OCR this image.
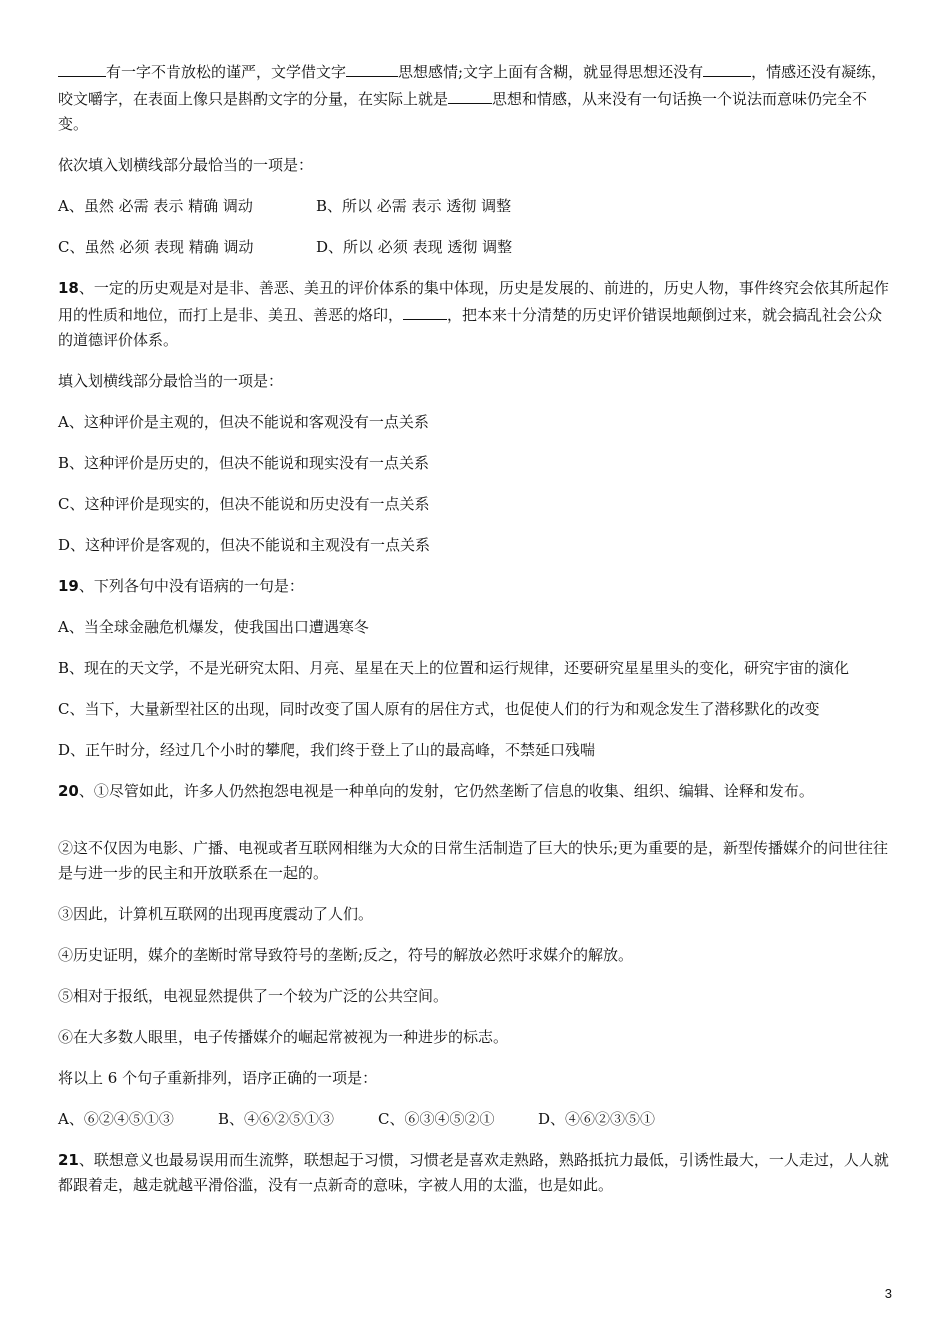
有一字不肯放松的谨严，文学借文字	思想感情;文字上面有含糊，就显得思想还没有	，情感还没有凝练，咬文嚼字，在表面上像只是斟酌文字的分量，在实际上就是	思想和情感，从来没有一句话换一个说法而意味仍完全不变。

依次填入划横线部分最恰当的一项是：

A、虽然 必需 表示 精确 调动	B、所以 必需 表示 透彻 调整

C、虽然 必须 表现 精确 调动	D、所以 必须 表现 透彻 调整

18、一定的历史观是对是非、善恶、美丑的评价体系的集中体现，历史是发展的、前进的，历史人物，事件终究会依其所起作用的性质和地位，而打上是非、美丑、善恶的烙印，	，把本来十分清楚的历史评价错误地颠倒过来，就会搞乱社会公众的道德评价体系。

填入划横线部分最恰当的一项是：

A、这种评价是主观的，但决不能说和客观没有一点关系

B、这种评价是历史的，但决不能说和现实没有一点关系

C、这种评价是现实的，但决不能说和历史没有一点关系

D、这种评价是客观的，但决不能说和主观没有一点关系

19、下列各句中没有语病的一句是：

A、当全球金融危机爆发，使我国出口遭遇寒冬

B、现在的天文学，不是光研究太阳、月亮、星星在天上的位置和运行规律，还要研究星星里头的变化，研究宇宙的演化

C、当下，大量新型社区的出现，同时改变了国人原有的居住方式，也促使人们的行为和观念发生了潜移默化的改变

D、正午时分，经过几个小时的攀爬，我们终于登上了山的最高峰，不禁延口残喘

20、①尽管如此，许多人仍然抱怨电视是一种单向的发射，它仍然垄断了信息的收集、组织、编辑、诠释和发布。

②这不仅因为电影、广播、电视或者互联网相继为大众的日常生活制造了巨大的快乐;更为重要的是，新型传播媒介的问世往往是与进一步的民主和开放联系在一起的。

③因此，计算机互联网的出现再度震动了人们。

④历史证明，媒介的垄断时常导致符号的垄断;反之，符号的解放必然吁求媒介的解放。

⑤相对于报纸，电视显然提供了一个较为广泛的公共空间。

⑥在大多数人眼里，电子传播媒介的崛起常被视为一种进步的标志。

将以上 6 个句子重新排列，语序正确的一项是：

A、⑥②④⑤①③	B、④⑥②⑤①③	C、⑥③④⑤②①	D、④⑥②③⑤①

21、联想意义也最易误用而生流弊，联想起于习惯，习惯老是喜欢走熟路，熟路抵抗力最低，引诱性最大，一人走过，人人就都跟着走，越走就越平滑俗滥，没有一点新奇的意味，字被人用的太滥，也是如此。

3
